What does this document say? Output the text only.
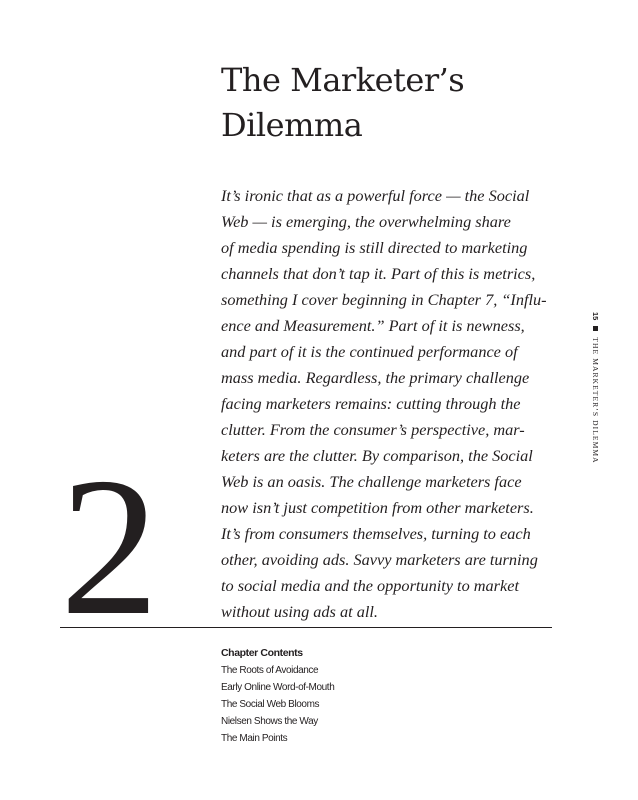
The Marketer’s
Dilemma

It’s ironic that as a powerful force — the Social
Web — is emerging, the overwhelming share
of media spending is still directed to marketing
channels that don’t tap it. Part of this is metrics,
something I cover beginning in Chapter 7, “Influ-
ence and Measurement.” Part of it is newness,
and part of it is the continued performance of
mass media. Regardless, the primary challenge
facing marketers remains: cutting through the
clutter. From the consumer’s perspective, mar-
keters are the clutter. By comparison, the Social
Web is an oasis. The challenge marketers face
now isn’t just competition from other marketers.
It’s from consumers themselves, turning to each
other, avoiding ads. Savvy marketers are turning
to social media and the opportunity to market
without using ads at all.

2	Chapter Contents
The Roots of Avoidance
Early Online Word-of-Mouth
The Social Web Blooms
Nielsen Shows the Way
The Main Points
15
THE MARKETER’S DILEMMA
